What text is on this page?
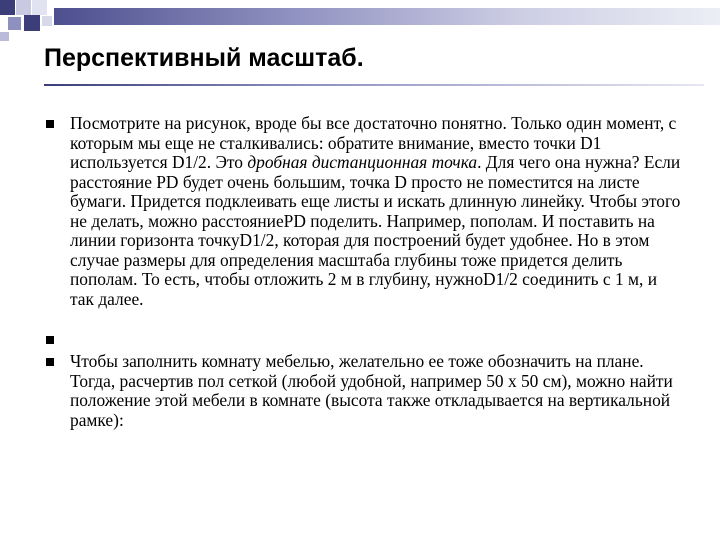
Перспективный масштаб.
Посмотрите на рисунок, вроде бы все достаточно понятно. Только один момент, с которым мы еще не сталкивались: обратите внимание, вместо точки D1 используется D1/2. Это дробная дистанционная точка. Для чего она нужна? Если расстояние PD будет очень большим, точка D просто не поместится на листе бумаги. Придется подклеивать еще листы и искать длинную линейку. Чтобы этого не делать, можно расстояниеPD поделить. Например, пополам. И поставить на линии горизонта точкуD1/2, которая для построений будет удобнее. Но в этом случае размеры для определения масштаба глубины тоже придется делить пополам. То есть, чтобы отложить 2 м в глубину, нужноD1/2 соединить с 1 м, и так далее.
Чтобы заполнить комнату мебелью, желательно ее тоже обозначить на плане. Тогда, расчертив пол сеткой (любой удобной, например 50 х 50 см), можно найти положение этой мебели в комнате (высота также откладывается на вертикальной рамке):
